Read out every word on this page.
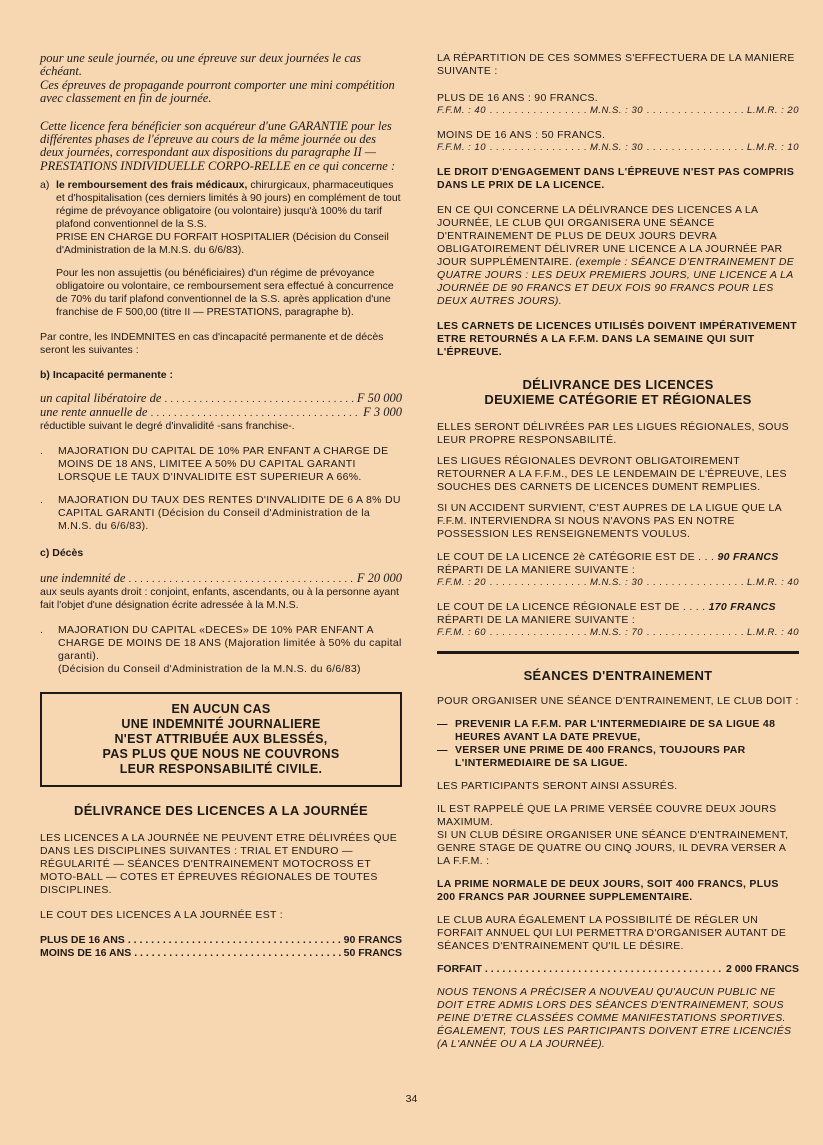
pour une seule journée, ou une épreuve sur deux journées le cas échéant.

Ces épreuves de propagande pourront comporter une mini compétition avec classement en fin de journée.

Cette licence fera bénéficier son acquéreur d'une GARANTIE pour les différentes phases de l'épreuve au cours de la même journée ou des deux journées, correspondant aux dispositions du paragraphe II — PRESTATIONS INDIVIDUELLE CORPO-RELLE en ce qui concerne :

a) le remboursement des frais médicaux, chirurgicaux, pharmaceutiques et d'hospitalisation (ces derniers limités à 90 jours) en complément de tout régime de prévoyance obligatoire (ou volontaire) jusqu'à 100% du tarif plafond conventionnel de la S.S.

PRISE EN CHARGE DU FORFAIT HOSPITALIER (Décision du Conseil d'Administration de la M.N.S. du 6/6/83).

Pour les non assujettis (ou bénéficiaires) d'un régime de prévoyance obligatoire ou volontaire, ce remboursement sera effectué à concurrence de 70% du tarif plafond conventionnel de la S.S. après application d'une franchise de F 500,00 (titre II — PRESTATIONS, paragraphe b).

Par contre, les INDEMNITES en cas d'incapacité permanente et de décès seront les suivantes :

b) Incapacité permanente :

un capital libératoire de . . .	F 50 000
une rente annuelle de . . .	F 3 000

réductible suivant le degré d'invalidité -sans franchise-.

.	MAJORATION DU CAPITAL DE 10% PAR ENFANT A CHARGE DE MOINS DE 18 ANS, LIMITEE A 50% DU CAPITAL GARANTI LORSQUE LE TAUX D'INVALIDITE EST SUPERIEUR A 66%.

.	MAJORATION DU TAUX DES RENTES D'INVALIDITE DE 6 A 8% DU CAPITAL GARANTI (Décision du Conseil d'Administration de la M.N.S. du 6/6/83).

c) Décès

une indemnité de . . .	F 20 000

aux seuls ayants droit : conjoint, enfants, ascendants, ou à la personne ayant fait l'objet d'une désignation écrite adressée à la M.N.S.

.	MAJORATION DU CAPITAL «DECES» DE 10% PAR ENFANT A CHARGE DE MOINS DE 18 ANS (Majoration limitée à 50% du capital garanti).

(Décision du Conseil d'Administration de la M.N.S. du 6/6/83)

EN AUCUN CAS
UNE INDEMNITÉ JOURNALIERE
N'EST ATTRIBUÉE AUX BLESSÉS,
PAS PLUS QUE NOUS NE COUVRONS
LEUR RESPONSABILITÉ CIVILE.

DÉLIVRANCE DES LICENCES A LA JOURNÉE

LES LICENCES A LA JOURNÉE NE PEUVENT ETRE DÉLIVRÉES QUE DANS LES DISCIPLINES SUIVANTES : TRIAL ET ENDURO — RÉGULARITÉ — SÉANCES D'ENTRAINEMENT MOTOCROSS ET MOTO-BALL — COTES ET ÉPREUVES RÉGIONALES DE TOUTES DISCIPLINES.

LE COUT DES LICENCES A LA JOURNÉE EST :

PLUS DE 16 ANS . . .	90 FRANCS
MOINS DE 16 ANS . . .	50 FRANCS

LA RÉPARTITION DE CES SOMMES S'EFFECTUERA DE LA MANIERE SUIVANTE :

PLUS DE 16 ANS : 90 FRANCS.

F.F.M. : 40 . . .	M.N.S. : 30 . . .	L.M.R. : 20

MOINS DE 16 ANS : 50 FRANCS.

F.F.M. : 10 . . .	M.N.S. : 30 . . .	L.M.R. : 10

LE DROIT D'ENGAGEMENT DANS L'ÉPREUVE N'EST PAS COMPRIS DANS LE PRIX DE LA LICENCE.

EN CE QUI CONCERNE LA DÉLIVRANCE DES LICENCES A LA JOURNÉE, LE CLUB QUI ORGANISERA UNE SÉANCE D'ENTRAINEMENT DE PLUS DE DEUX JOURS DEVRA OBLIGATOIREMENT DÉLIVRER UNE LICENCE A LA JOURNÉE PAR JOUR SUPPLÉMENTAIRE. (exemple : SÉANCE D'ENTRAINEMENT DE QUATRE JOURS : LES DEUX PREMIERS JOURS, UNE LICENCE A LA JOURNÉE DE 90 FRANCS ET DEUX FOIS 90 FRANCS POUR LES DEUX AUTRES JOURS).

LES CARNETS DE LICENCES UTILISÉS DOIVENT IMPÉRATIVEMENT ETRE RETOURNÉS A LA F.F.M. DANS LA SEMAINE QUI SUIT L'ÉPREUVE.

DÉLIVRANCE DES LICENCES
DEUXIEME CATÉGORIE ET RÉGIONALES

ELLES SERONT DÉLIVRÉES PAR LES LIGUES RÉGIONALES, SOUS LEUR PROPRE RESPONSABILITÉ.

LES LIGUES RÉGIONALES DEVRONT OBLIGATOIREMENT RETOURNER A LA F.F.M., DES LE LENDEMAIN DE L'ÉPREUVE, LES SOUCHES DES CARNETS DE LICENCES DUMENT REMPLIES.

SI UN ACCIDENT SURVIENT, C'EST AUPRES DE LA LIGUE QUE LA F.F.M. INTERVIENDRA SI NOUS N'AVONS PAS EN NOTRE POSSESSION LES RENSEIGNEMENTS VOULUS.

LE COUT DE LA LICENCE 2è CATÉGORIE EST DE . . . 90 FRANCS

RÉPARTI DE LA MANIERE SUIVANTE :

F.F.M. : 20 . . .	M.N.S. : 30 . . .	L.M.R. : 40

LE COUT DE LA LICENCE RÉGIONALE EST DE . . . . 170 FRANCS

RÉPARTI DE LA MANIERE SUIVANTE :

F.F.M. : 60 . . .	M.N.S. : 70 . . .	L.M.R. : 40

SÉANCES D'ENTRAINEMENT

POUR ORGANISER UNE SÉANCE D'ENTRAINEMENT, LE CLUB DOIT :

— PREVENIR LA F.F.M. PAR L'INTERMEDIAIRE DE SA LIGUE 48 HEURES AVANT LA DATE PREVUE,
— VERSER UNE PRIME DE 400 FRANCS, TOUJOURS PAR L'INTERMEDIAIRE DE SA LIGUE.

LES PARTICIPANTS SERONT AINSI ASSURÉS.

IL EST RAPPELÉ QUE LA PRIME VERSÉE COUVRE DEUX JOURS MAXIMUM.

SI UN CLUB DÉSIRE ORGANISER UNE SÉANCE D'ENTRAINEMENT, GENRE STAGE DE QUATRE OU CINQ JOURS, IL DEVRA VERSER A LA F.F.M. :

LA PRIME NORMALE DE DEUX JOURS, SOIT 400 FRANCS, PLUS 200 FRANCS PAR JOURNEE SUPPLEMENTAIRE.

LE CLUB AURA ÉGALEMENT LA POSSIBILITÉ DE RÉGLER UN FORFAIT ANNUEL QUI LUI PERMETTRA D'ORGANISER AUTANT DE SÉANCES D'ENTRAINEMENT QU'IL LE DÉSIRE.

FORFAIT . . .	2 000 FRANCS

NOUS TENONS A PRÉCISER A NOUVEAU QU'AUCUN PUBLIC NE DOIT ETRE ADMIS LORS DES SÉANCES D'ENTRAINEMENT, SOUS PEINE D'ETRE CLASSÉES COMME MANIFESTATIONS SPORTIVES. ÉGALEMENT, TOUS LES PARTICIPANTS DOIVENT ETRE LICENCIÉS (A L'ANNÉE OU A LA JOURNÉE).

34
